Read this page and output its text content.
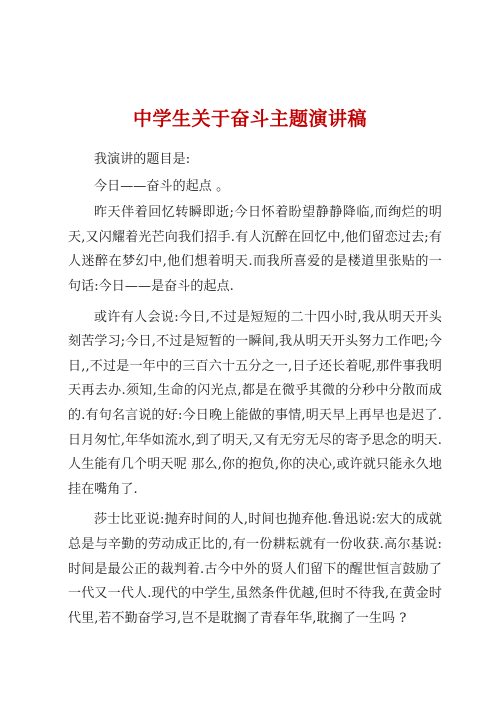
中学生关于奋斗主题演讲稿

我演讲的题目是:

今日——奋斗的起点 。

昨天伴着回忆转瞬即逝;今日怀着盼望静静降临,而绚烂的明天,又闪耀着光芒向我们招手.有人沉醉在回忆中,他们留恋过去;有人迷醉在梦幻中,他们想着明天.而我所喜爱的是楼道里张贴的一句话:今日——是奋斗的起点.

或许有人会说:今日,不过是短短的二十四小时,我从明天开头刻苦学习;今日,不过是短暂的一瞬间,我从明天开头努力工作吧;今日,,不过是一年中的三百六十五分之一,日子还长着呢,那件事我明天再去办.须知,生命的闪光点,都是在微乎其微的分秒中分散而成的.有句名言说的好:今日晚上能做的事情,明天早上再早也是迟了.日月匆忙,年华如流水,到了明天,又有无穷无尽的寄予思念的明天.人生能有几个明天呢 那么,你的抱负,你的决心,或许就只能永久地挂在嘴角了.

莎士比亚说:抛弃时间的人,时间也抛弃他.鲁迅说:宏大的成就总是与辛勤的劳动成正比的,有一份耕耘就有一份收获.高尔基说:时间是最公正的裁判着.古今中外的贤人们留下的醒世恒言鼓励了一代又一代人.现代的中学生,虽然条件优越,但时不待我,在黄金时代里,若不勤奋学习,岂不是耽搁了青春年华,耽搁了一生吗 ?
